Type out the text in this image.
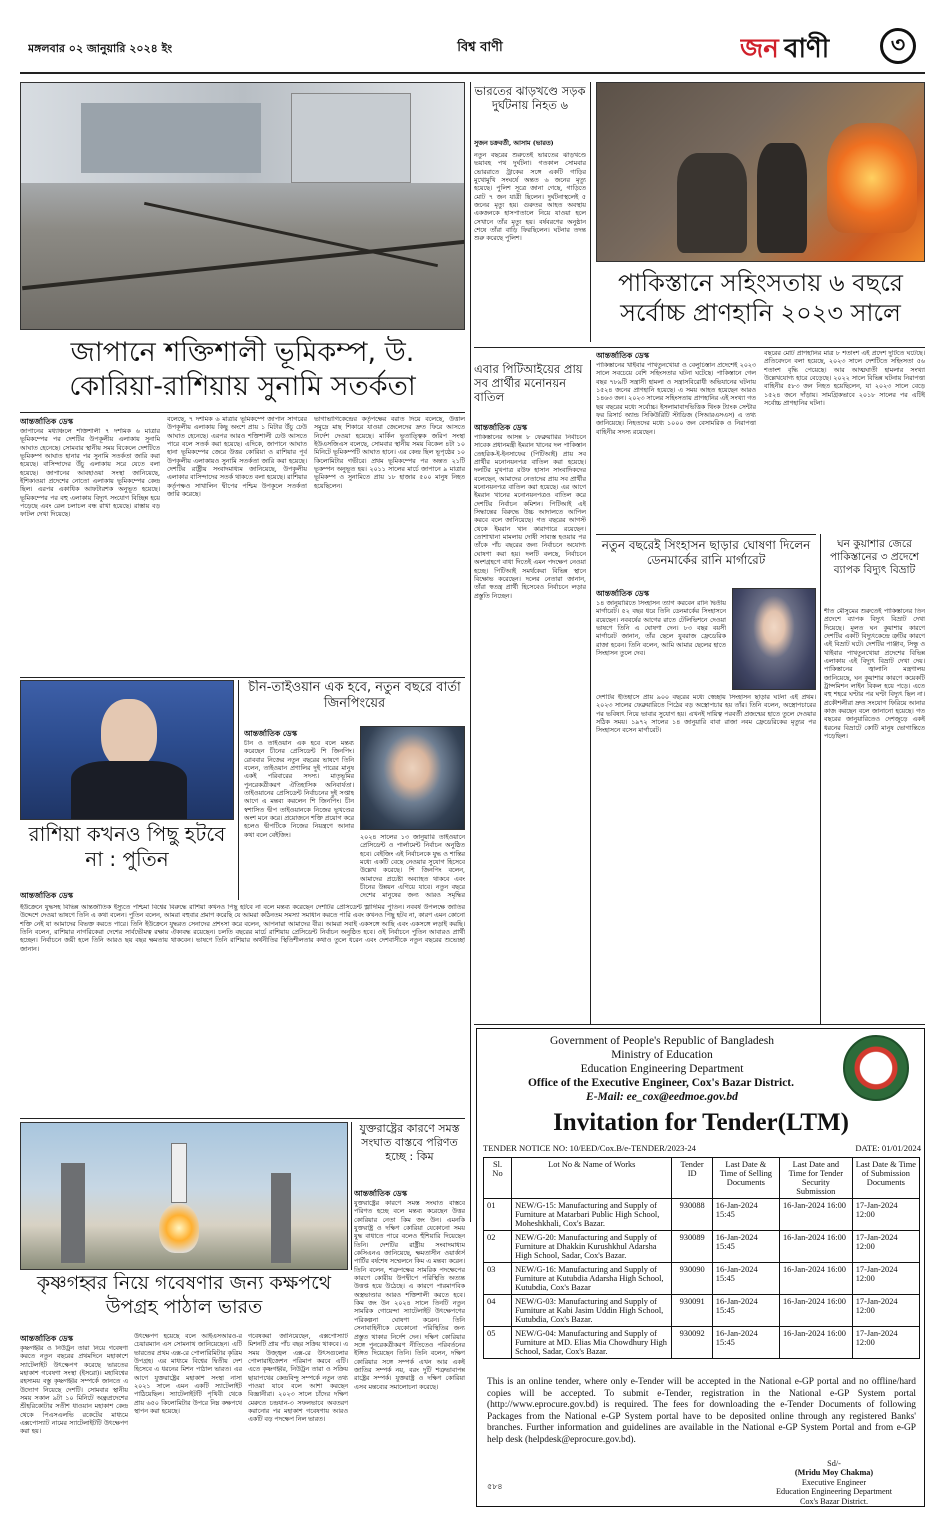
মঙ্গলবার ০২ জানুয়ারি ২০২৪ ইং	বিশ্ব বাণী	জন বাণী	৩
জাপানে শক্তিশালী ভূমিকম্প, উ. কোরিয়া-রাশিয়ায় সুনামি সতর্কতা

আন্তর্জাতিক ডেস্ক

জাপানের মধ্যাঞ্চলে শক্তিশালী ৭ দশমিক ৬ মাত্রার ভূমিকম্পের পর দেশটির উপকূলীয় এলাকায় সুনামি আঘাত হেনেছে। সোমবার স্থানীয় সময় বিকেলে দেশটিতে ভূমিকম্প আঘাত হানার পর সুনামি সতর্কতা জারি করা হয়েছে। বাসিন্দাদের উঁচু এলাকায় সরে যেতে বলা হয়েছে। জাপানের আবহাওয়া সংস্থা জানিয়েছে, ইশিকাওয়া প্রদেশের নোতো এলাকায় ভূমিকম্পের কেন্দ্র ছিল। এরপর একাধিক আফটারশক অনুভূত হয়েছে। ভূমিকম্পের পর বহু এলাকায় বিদ্যুৎ সংযোগ বিচ্ছিন্ন হয়ে পড়েছে এবং রেল চলাচল বন্ধ রাখা হয়েছে। রাস্তায় বড় ফাটল দেখা দিয়েছে।
বলেছে, ৭ দশমিক ৬ মাত্রার ভূমিকম্পে জাপান সাগরের উপকূলীয় এলাকায় কিছু অংশে প্রায় ১ মিটার উঁচু ঢেউ আঘাত হেনেছে। এরপর আরও শক্তিশালী ঢেউ আসতে পারে বলে সতর্ক করা হয়েছে। এদিকে, জাপানে আঘাত হানা ভূমিকম্পের জেরে উত্তর কোরিয়া ও রাশিয়ার পূর্ব উপকূলীয় এলাকায়ও সুনামি সতর্কতা জারি করা হয়েছে। দেশটির রাষ্ট্রীয় সংবাদমাধ্যম জানিয়েছে, উপকূলীয় এলাকার বাসিন্দাদের সতর্ক থাকতে বলা হয়েছে। রাশিয়ার কর্তৃপক্ষও সাখালিন দ্বীপের পশ্চিম উপকূলে সতর্কতা জারি করেছে।
ভাগাভাগিকেন্দ্রের কর্তৃপক্ষের বরাত দিয়ে বলেছে, উত্তাল সমুদ্রে মাছ শিকারে যাওয়া জেলেদের দ্রুত ফিরে আসতে নির্দেশ দেওয়া হয়েছে। মার্কিন ভূতাত্ত্বিক জরিপ সংস্থা ইউএসজিএস বলেছে, সোমবার স্থানীয় সময় বিকেল ৪টা ১০ মিনিটে ভূমিকম্পটি আঘাত হানে। এর কেন্দ্র ছিল ভূপৃষ্ঠের ১০ কিলোমিটার গভীরে। প্রথম ভূমিকম্পের পর অন্তত ২১টি ভূকম্পন অনুভূত হয়। ২০১১ সালের মার্চে জাপানে ৯ মাত্রার ভূমিকম্প ও সুনামিতে প্রায় ১৮ হাজার ৫০০ মানুষ নিহত হয়েছিলেন।
ভারতের ঝাড়খণ্ডে সড়ক দুর্ঘটনায় নিহত ৬
সুজন চক্রবর্তী, আসাম (ভারত)
নতুন বছরের শুরুতেই ভারতের ঝাড়খণ্ডে ভয়াবহ পথ দুর্ঘটনা। গতকাল সোমবার ভোররাতে ট্রাকের সঙ্গে একটি গাড়ির মুখোমুখি সংঘর্ষে অন্তত ৬ জনের মৃত্যু হয়েছে। পুলিশ সূত্রে জানা গেছে, গাড়িতে মোট ৭ জন যাত্রী ছিলেন। দুর্ঘটনাস্থলেই ৫ জনের মৃত্যু হয়। গুরুতর আহত অবস্থায় একজনকে হাসপাতালে নিয়ে যাওয়া হলে সেখানে তাঁর মৃত্যু হয়। বর্ষবরণের অনুষ্ঠান শেষে তাঁরা বাড়ি ফিরছিলেন। ঘটনার তদন্ত শুরু করেছে পুলিশ।
পাকিস্তানে সহিংসতায় ৬ বছরে সর্বোচ্চ প্রাণহানি ২০২৩ সালে

আন্তর্জাতিক ডেস্ক

পাকিস্তানের খাইবার পাখতুনখোয়া ও বেলুচিস্তান প্রদেশেই ২০২৩ সালে সবচেয়ে বেশি সহিংসতার ঘটনা ঘটেছে। পাকিস্তানে গেল বছর ৭৮৯টি সন্ত্রাসী হামলা ও সন্ত্রাসবিরোধী অভিযানের ঘটনায় ১৫২৪ জনের প্রাণহানি হয়েছে। এ সময় আহত হয়েছেন আরও ১৪৬৩ জন। ২০২৩ সালের সহিংসতায় প্রাণহানির এই সংখ্যা গত ছয় বছরের মধ্যে সর্বোচ্চ। ইসলামাবাদভিত্তিক থিংক ট্যাংক সেন্টার ফর রিসার্চ অ্যান্ড সিকিউরিটি স্টাডিজ (সিআরএসএস) এ তথ্য জানিয়েছে। নিহতদের মধ্যে ১০০০ জন বেসামরিক ও নিরাপত্তা বাহিনীর সদস্য রয়েছেন।
বছরের মোট প্রাণহানির মাত্র ৮ শতাংশ এই প্রদেশ দুটিতে ঘটেছে। প্রতিবেদনে বলা হয়েছে, ২০২৩ সালে দেশটিতে সহিংসতা ৫৬ শতাংশ বৃদ্ধি পেয়েছে। আর আত্মঘাতী হামলার সংখ্যা উল্লেখযোগ্য হারে বেড়েছে। ২০২২ সালে বিভিন্ন ঘটনায় নিরাপত্তা বাহিনীর ৫৮৩ জন নিহত হয়েছিলেন, যা ২০২৩ সালে বেড়ে ১৫২৪ জনে দাঁড়ায়। সামগ্রিকভাবে ২০১৮ সালের পর এটিই সর্বোচ্চ প্রাণহানির ঘটনা।
এবার পিটিআইয়ের প্রায় সব প্রার্থীর মনোনয়ন বাতিল

আন্তর্জাতিক ডেস্ক

পাকিস্তানের আসন্ন ৮ ফেব্রুয়ারির নির্বাচনে সাবেক প্রধানমন্ত্রী ইমরান খানের দল পাকিস্তান তেহরিক-ই-ইনসাফের (পিটিআই) প্রায় সব প্রার্থীর মনোনয়নপত্র বাতিল করা হয়েছে। দলটির মুখপাত্র রউফ হাসান সাংবাদিকদের বলেছেন, আমাদের নেতাদের প্রায় সব প্রার্থীর মনোনয়নপত্র বাতিল করা হয়েছে। এর আগে ইমরান খানের মনোনয়নপত্রও বাতিল করে দেশটির নির্বাচন কমিশন। পিটিআই এই সিদ্ধান্তের বিরুদ্ধে উচ্চ আদালতে আপিল করবে বলে জানিয়েছে। গত বছরের আগস্ট থেকে ইমরান খান কারাগারে রয়েছেন। তোশাখানা মামলায় দোষী সাব্যস্ত হওয়ার পর তাঁকে পাঁচ বছরের জন্য নির্বাচনে অযোগ্য ঘোষণা করা হয়। দলটি বলছে, নির্বাচনে অংশগ্রহণে বাধা দিতেই এমন পদক্ষেপ নেওয়া হচ্ছে। পিটিআই সমর্থকেরা বিভিন্ন স্থানে বিক্ষোভ করেছেন। দলের নেতারা জানান, তাঁরা স্বতন্ত্র প্রার্থী হিসেবেও নির্বাচনে লড়ার প্রস্তুতি নিচ্ছেন।
নতুন বছরেই সিংহাসন ছাড়ার ঘোষণা দিলেন ডেনমার্কের রানি মার্গারেট

আন্তর্জাতিক ডেস্ক

১৪ জানুয়ারিতে সিংহাসন ত্যাগ করবেন রানি দ্বিতীয় মার্গারেট। ৫২ বছর ধরে তিনি ডেনমার্কের সিংহাসনে রয়েছেন। নববর্ষের আগের রাতে টেলিভিশনে দেওয়া ভাষণে তিনি এ ঘোষণা দেন। ৮৩ বছর বয়সী মার্গারেট জানান, তাঁর ছেলে যুবরাজ ফ্রেডেরিক রাজা হবেন। তিনি বলেন, আমি আমার ছেলের হাতে সিংহাসন তুলে দেব।
দেশটির ইতিহাসে প্রায় ৯০০ বছরের মধ্যে স্বেচ্ছায় সিংহাসন ছাড়ার ঘটনা এই প্রথম। ২০২৩ সালের ফেব্রুয়ারিতে পিঠের বড় অস্ত্রোপচার হয় তাঁর। তিনি বলেন, অস্ত্রোপচারের পর ভবিষ্যৎ নিয়ে ভাবার সুযোগ হয়। এখনই দায়িত্ব পরবর্তী প্রজন্মের হাতে তুলে দেওয়ার সঠিক সময়। ১৯৭২ সালের ১৪ জানুয়ারি বাবা রাজা নবম ফ্রেডেরিকের মৃত্যুর পর সিংহাসনে বসেন মার্গারেট।
ঘন কুয়াশার জেরে পাকিস্তানের ৩ প্রদেশে ব্যাপক বিদ্যুৎ বিভ্রাট
শীত মৌসুমের শুরুতেই পাকিস্তানের তিন প্রদেশে ব্যাপক বিদ্যুৎ বিভ্রাট দেখা দিয়েছে। মূলত ঘন কুয়াশার কারণে দেশটির একটি বিদ্যুৎকেন্দ্রে ত্রুটির কারণে এই বিভ্রাট ঘটে। দেশটির পাঞ্জাব, সিন্ধু ও খাইবার পাখতুনখোয়া প্রদেশের বিভিন্ন এলাকায় এই বিদ্যুৎ বিভ্রাট দেখা দেয়। পাকিস্তানের জ্বালানি মন্ত্রণালয় জানিয়েছে, ঘন কুয়াশার কারণে কয়েকটি ট্রান্সমিশন লাইন বিকল হয়ে পড়ে। এতে বহু শহরে ঘণ্টার পর ঘণ্টা বিদ্যুৎ ছিল না। প্রকৌশলীরা দ্রুত সংযোগ ফিরিয়ে আনার কাজ করছেন বলে জানানো হয়েছে। গত বছরের জানুয়ারিতেও দেশজুড়ে একই ধরনের বিভ্রাটে কোটি মানুষ ভোগান্তিতে পড়েছিল।
রাশিয়া কখনও পিছু হটবে না : পুতিন

আন্তর্জাতিক ডেস্ক

ইউক্রেনে যুদ্ধসহ বিভিন্ন আন্তর্জাতিক ইস্যুতে পশ্চিমা বিশ্বের বিরুদ্ধে রাশিয়া কখনও পিছু হটবে না বলে মন্তব্য করেছেন দেশটির প্রেসিডেন্ট ভ্লাদিমির পুতিন। নববর্ষ উপলক্ষে জাতির উদ্দেশে দেওয়া ভাষণে তিনি এ কথা বলেন। পুতিন বলেন, আমরা বহুবার প্রমাণ করেছি যে আমরা কঠিনতম সমস্যা সমাধান করতে পারি এবং কখনও পিছু হটব না, কারণ এমন কোনো শক্তি নেই যা আমাদের বিভক্ত করতে পারে। তিনি ইউক্রেনে যুদ্ধরত সেনাদের প্রশংসা করে বলেন, আপনারা আমাদের বীর। আমরা সবাই একসঙ্গে আছি এবং একসঙ্গে লড়াই করছি। তিনি বলেন, রাশিয়ার নাগরিকেরা দেশের সার্বভৌমত্ব রক্ষায় ঐক্যবদ্ধ রয়েছেন। চলতি বছরের মার্চে রাশিয়ায় প্রেসিডেন্ট নির্বাচন অনুষ্ঠিত হবে। ওই নির্বাচনে পুতিন আবারও প্রার্থী হচ্ছেন। নির্বাচনে জয়ী হলে তিনি আরও ছয় বছর ক্ষমতায় থাকবেন। ভাষণে তিনি রাশিয়ার অর্থনীতির স্থিতিশীলতার কথাও তুলে ধরেন এবং দেশবাসীকে নতুন বছরের শুভেচ্ছা জানান।
চীন-তাইওয়ান এক হবে, নতুন বছরে বার্তা জিনপিংয়ের

আন্তর্জাতিক ডেস্ক

চীন ও তাইওয়ান এক হবে বলে মন্তব্য করেছেন চীনের প্রেসিডেন্ট শি জিনপিং। রোববার নিজের নতুন বছরের ভাষণে তিনি বলেন, তাইওয়ান প্রণালির দুই পারের মানুষ একই পরিবারের সদস্য। মাতৃভূমির পুনরেকত্রীকরণ ঐতিহাসিক অনিবার্যতা। তাইওয়ানের প্রেসিডেন্ট নির্বাচনের দুই সপ্তাহ আগে এ মন্তব্য করলেন শি জিনপিং। চীন স্বশাসিত দ্বীপ তাইওয়ানকে নিজের ভূখণ্ডের অংশ মনে করে। প্রয়োজনে শক্তি প্রয়োগ করে হলেও দ্বীপটিকে নিজের নিয়ন্ত্রণে আনার কথা বলে বেইজিং।	২০২৪ সালের ১৩ জানুয়ারি তাইওয়ানে প্রেসিডেন্ট ও পার্লামেন্ট নির্বাচন অনুষ্ঠিত হবে। বেইজিং এই নির্বাচনকে যুদ্ধ ও শান্তির মধ্যে একটি বেছে নেওয়ার সুযোগ হিসেবে উল্লেখ করেছে। শি জিনপিং বলেন, আমাদের প্রচেষ্টা অব্যাহত থাকবে এবং চীনের উন্নয়ন এগিয়ে যাবে। নতুন বছরে দেশের মানুষের জন্য আরও সমৃদ্ধির
যুক্তরাষ্ট্রের কারণে সমস্ত সংঘাত বাস্তবে পরিণত হচ্ছে : কিম

আন্তর্জাতিক ডেস্ক

যুক্তরাষ্ট্রের কারণে সমস্ত সংঘাত বাস্তবে পরিণত হচ্ছে বলে মন্তব্য করেছেন উত্তর কোরিয়ার নেতা কিম জং উন। এমনকি যুক্তরাষ্ট্র ও দক্ষিণ কোরিয়া যেকোনো সময় যুদ্ধ বাধাতে পারে বলেও হুঁশিয়ারি দিয়েছেন তিনি। দেশটির রাষ্ট্রীয় সংবাদমাধ্যম কেসিএনএ জানিয়েছে, ক্ষমতাসীন ওয়ার্কার্স পার্টির বর্ষশেষ সম্মেলনে কিম এ মন্তব্য করেন। তিনি বলেন, শত্রুপক্ষের সামরিক পদক্ষেপের কারণে কোরীয় উপদ্বীপে পরিস্থিতি অত্যন্ত উত্তপ্ত হয়ে উঠেছে। এ কারণে পারমাণবিক অস্ত্রভাণ্ডার আরও শক্তিশালী করতে হবে। কিম জং উন ২০২৪ সালে তিনটি নতুন সামরিক গোয়েন্দা স্যাটেলাইট উৎক্ষেপণের পরিকল্পনা ঘোষণা করেন। তিনি সেনাবাহিনীকে যেকোনো পরিস্থিতির জন্য প্রস্তুত থাকার নির্দেশ দেন। দক্ষিণ কোরিয়ার সঙ্গে পুনরেকত্রীকরণ নীতিতেও পরিবর্তনের ইঙ্গিত দিয়েছেন তিনি। তিনি বলেন, দক্ষিণ কোরিয়ার সঙ্গে সম্পর্ক এখন আর একই জাতির সম্পর্ক নয়, বরং দুটি শত্রুভাবাপন্ন রাষ্ট্রের সম্পর্ক। যুক্তরাষ্ট্র ও দক্ষিণ কোরিয়া এসব মন্তব্যের সমালোচনা করেছে।
কৃষ্ণগহ্বর নিয়ে গবেষণার জন্য কক্ষপথে উপগ্রহ পাঠাল ভারত

আন্তর্জাতিক ডেস্ক

কৃষ্ণগহ্বর ও নিউট্রন তারা নিয়ে গবেষণা করতে নতুন বছরের প্রথমদিনে মহাকাশে স্যাটেলাইট উৎক্ষেপণ করেছে ভারতের মহাকাশ গবেষণা সংস্থা (ইসরো)। মহাবিশ্বের রহস্যময় বস্তু কৃষ্ণগহ্বর সম্পর্কে জানতে এ উদ্যোগ নিয়েছে দেশটি। সোমবার স্থানীয় সময় সকাল ৯টা ১০ মিনিটে অন্ধ্রপ্রদেশের শ্রীহরিকোটার সতীশ ধাওয়ান মহাকাশ কেন্দ্র থেকে পিএসএলভি রকেটের মাধ্যমে এক্সপোস্যাট নামের স্যাটেলাইটটি উৎক্ষেপণ করা হয়।
উৎক্ষেপণ হয়েছে বলে আইএসআরও-র চেয়ারম্যান এস সোমনাথ জানিয়েছেন। এটি ভারতের প্রথম এক্স-রে পোলারিমিটার কৃত্রিম উপগ্রহ। এর মাধ্যমে বিশ্বের দ্বিতীয় দেশ হিসেবে এ ধরনের মিশন পাঠাল ভারত। এর আগে যুক্তরাষ্ট্রের মহাকাশ সংস্থা নাসা ২০২১ সালে এমন একটি স্যাটেলাইট পাঠিয়েছিল। স্যাটেলাইটটি পৃথিবী থেকে প্রায় ৬৫০ কিলোমিটার উপরে নিম্ন কক্ষপথে স্থাপন করা হয়েছে।
গবেষকরা জানিয়েছেন, এক্সপোস্যাট মিশনটি প্রায় পাঁচ বছর সক্রিয় থাকবে। এ সময় উজ্জ্বল এক্স-রে উৎসগুলোর পোলারাইজেশন পরিমাপ করবে এটি। এতে কৃষ্ণগহ্বর, নিউট্রন তারা ও সক্রিয় ছায়াপথের কেন্দ্রবিন্দু সম্পর্কে নতুন তথ্য পাওয়া যাবে বলে আশা করছেন বিজ্ঞানীরা। ২০২৩ সালে চাঁদের দক্ষিণ মেরুতে চন্দ্রযান-৩ সফলভাবে অবতরণ করানোর পর মহাকাশ গবেষণায় আরও একটি বড় পদক্ষেপ নিল ভারত।
Government of People's Republic of Bangladesh
Ministry of Education
Education Engineering Department
Office of the Executive Engineer, Cox's Bazar District.
E-Mail: ee_cox@eedmoe.gov.bd
Invitation for Tender(LTM)
TENDER NOTICE NO: 10/EED/Cox.B/e-TENDER/2023-24	DATE: 01/01/2024
Sl. No	Lot No & Name of Works	Tender ID	Last Date & Time of Selling Documents	Last Date and Time for Tender Security Submission	Last Date & Time of Submission Documents
01	NEW/G-15: Manufacturing and Supply of Furniture at Matarbari Public High School, Moheshkhali, Cox's Bazar.	930088	16-Jan-2024 15:45	16-Jan-2024 16:00	17-Jan-2024 12:00
02	NEW/G-20: Manufacturing and Supply of Furniture at Dhakkin Kurushkhul Adarsha High School, Sadar, Cox's Bazar.	930089	16-Jan-2024 15:45	16-Jan-2024 16:00	17-Jan-2024 12:00
03	NEW/G-16: Manufacturing and Supply of Furniture at Kutubdia Adarsha High School, Kutubdia, Cox's Bazar	930090	16-Jan-2024 15:45	16-Jan-2024 16:00	17-Jan-2024 12:00
04	NEW/G-03: Manufacturing and Supply of Furniture at Kabi Jasim Uddin High School, Kutubdia, Cox's Bazar.	930091	16-Jan-2024 15:45	16-Jan-2024 16:00	17-Jan-2024 12:00
05	NEW/G-04: Manufacturing and Supply of Furniture at MD. Elias Mia Chowdhury High School, Sadar, Cox's Bazar.	930092	16-Jan-2024 15:45	16-Jan-2024 16:00	17-Jan-2024 12:00
This is an online tender, where only e-Tender will be accepted in the National e-GP portal and no offline/hard copies will be accepted. To submit e-Tender, registration in the National e-GP System portal (http://www.eprocure.gov.bd) is required. The fees for downloading the e-Tender Documents of following Packages from the National e-GP System portal have to be deposited online through any registered Banks' branches. Further information and guidelines are available in the National e-GP System Portal and from e-GP help desk (helpdesk@eprocure.gov.bd).
৫৮৪
Sd/-
(Mridu Moy Chakma)
Executive Engineer
Education Engineering Department
Cox's Bazar District.
